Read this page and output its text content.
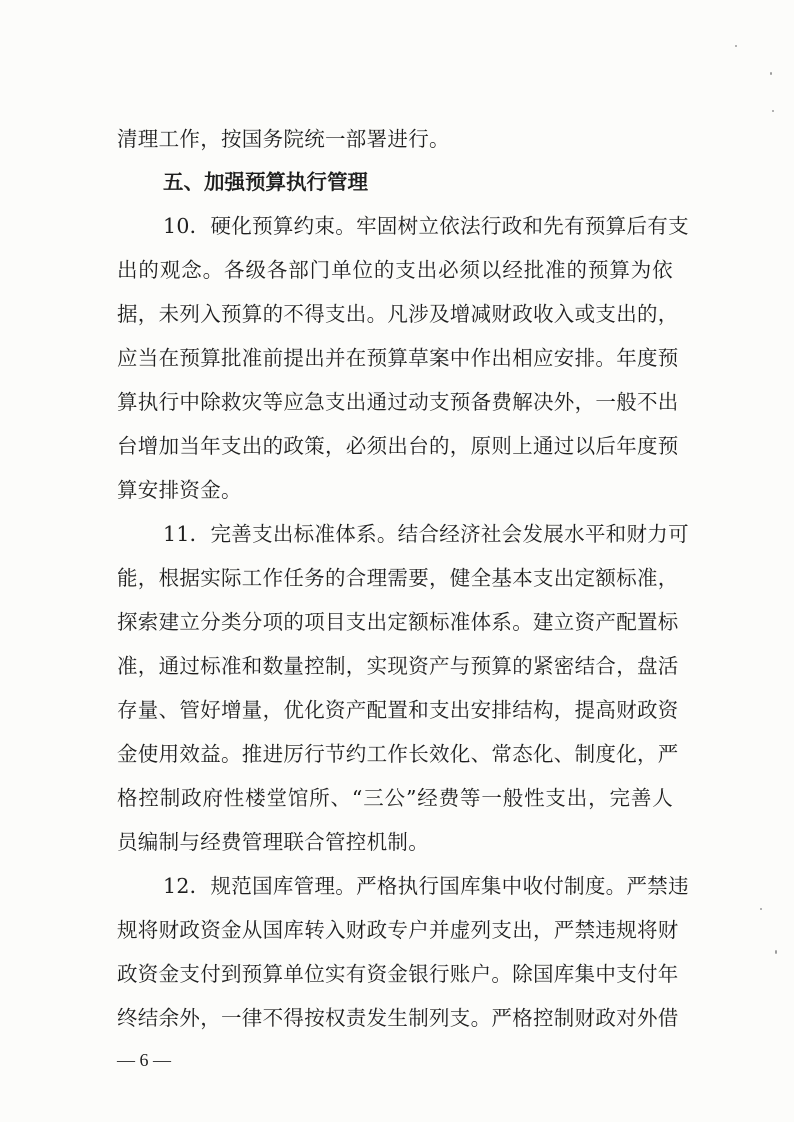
清理工作，按国务院统一部署进行。
五、加强预算执行管理
10．硬化预算约束。牢固树立依法行政和先有预算后有支
出的观念。各级各部门单位的支出必须以经批准的预算为依
据，未列入预算的不得支出。凡涉及增减财政收入或支出的，
应当在预算批准前提出并在预算草案中作出相应安排。年度预
算执行中除救灾等应急支出通过动支预备费解决外，一般不出
台增加当年支出的政策，必须出台的，原则上通过以后年度预
算安排资金。
11．完善支出标准体系。结合经济社会发展水平和财力可
能，根据实际工作任务的合理需要，健全基本支出定额标准，
探索建立分类分项的项目支出定额标准体系。建立资产配置标
准，通过标准和数量控制，实现资产与预算的紧密结合，盘活
存量、管好增量，优化资产配置和支出安排结构，提高财政资
金使用效益。推进厉行节约工作长效化、常态化、制度化，严
格控制政府性楼堂馆所、“三公”经费等一般性支出，完善人
员编制与经费管理联合管控机制。
12．规范国库管理。严格执行国库集中收付制度。严禁违
规将财政资金从国库转入财政专户并虚列支出，严禁违规将财
政资金支付到预算单位实有资金银行账户。除国库集中支付年
终结余外，一律不得按权责发生制列支。严格控制财政对外借
— 6 —
